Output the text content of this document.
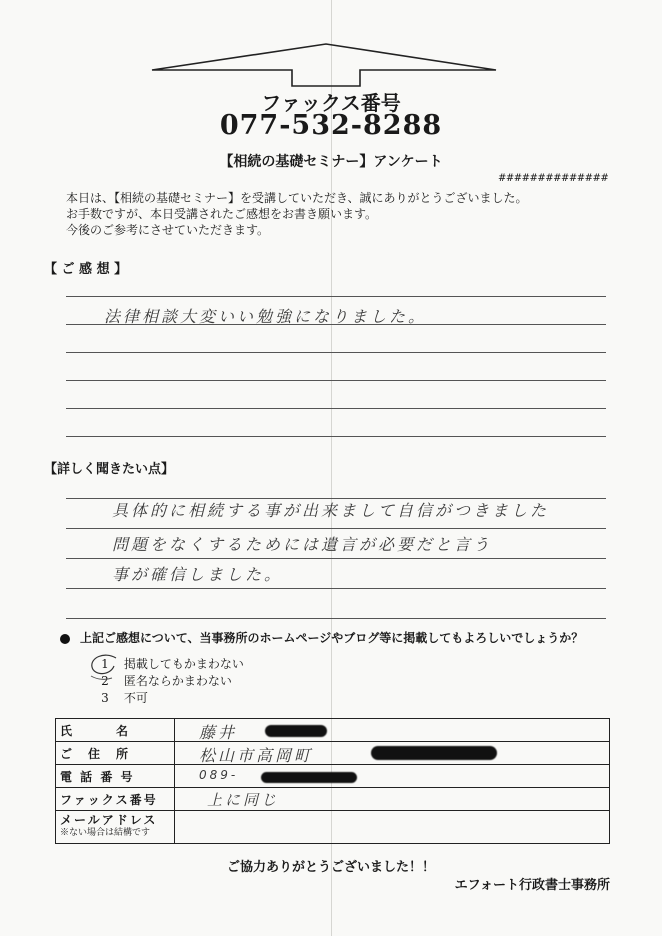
ファックス番号
077-532-8288
【相続の基礎セミナー】アンケート
##############
本日は、【相続の基礎セミナー】を受講していただき、誠にありがとうございました。
お手数ですが、本日受講されたご感想をお書き願います。
今後のご参考にさせていただきます。
【 ご 感 想 】
法律相談大変いい勉強になりました。
【詳しく聞きたい点】
具体的に相続する事が出来まして自信がつきました
問題をなくするためには遺言が必要だと言う
事が確信しました。
上記ご感想について、当事務所のホームページやブログ等に掲載してもよろしいでしょうか？
1 掲載してもかまわない
2 匿名ならかまわない
3 不可
氏　　　名	藤井

ご　住　所	松山市高岡町

電 話 番 号	089-

ファックス番号	上に同じ

メールアドレス
※ない場合は結構です	

ご協力ありがとうございました！！
エフォート行政書士事務所
